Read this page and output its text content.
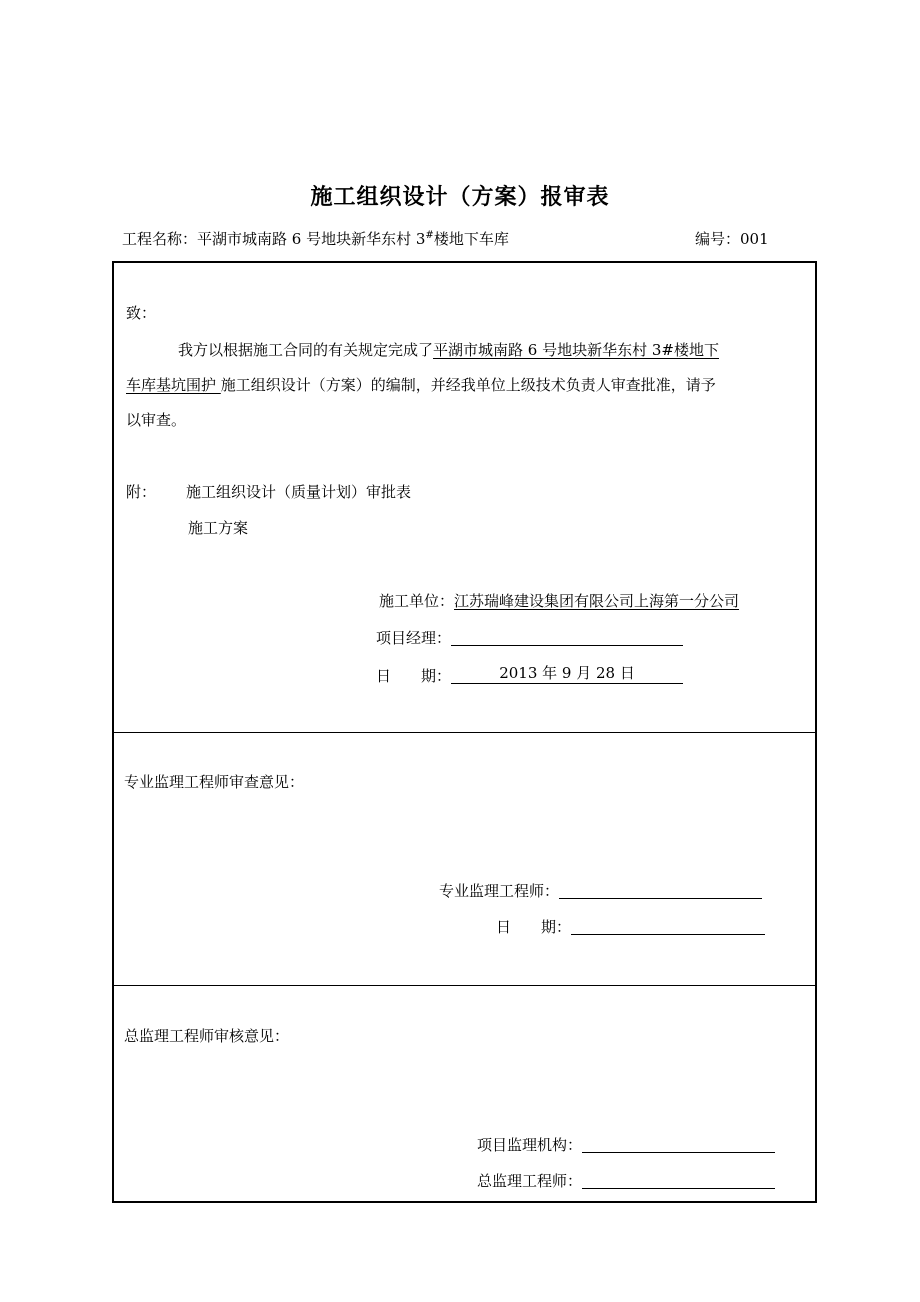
施工组织设计（方案）报审表
工程名称：平湖市城南路 6 号地块新华东村 3#楼地下车库	编号：001
致：
我方以根据施工合同的有关规定完成了平湖市城南路 6 号地块新华东村 3#楼地下
车库基坑围护 施工组织设计（方案）的编制，并经我单位上级技术负责人审查批准，请予
以审查。
附： 施工组织设计（质量计划）审批表
施工方案
施工单位：江苏瑞峰建设集团有限公司上海第一分公司
项目经理：
日　　期：	2013 年 9 月 28 日
专业监理工程师审查意见：
专业监理工程师：
日　　期：
总监理工程师审核意见：
项目监理机构：
总监理工程师：
